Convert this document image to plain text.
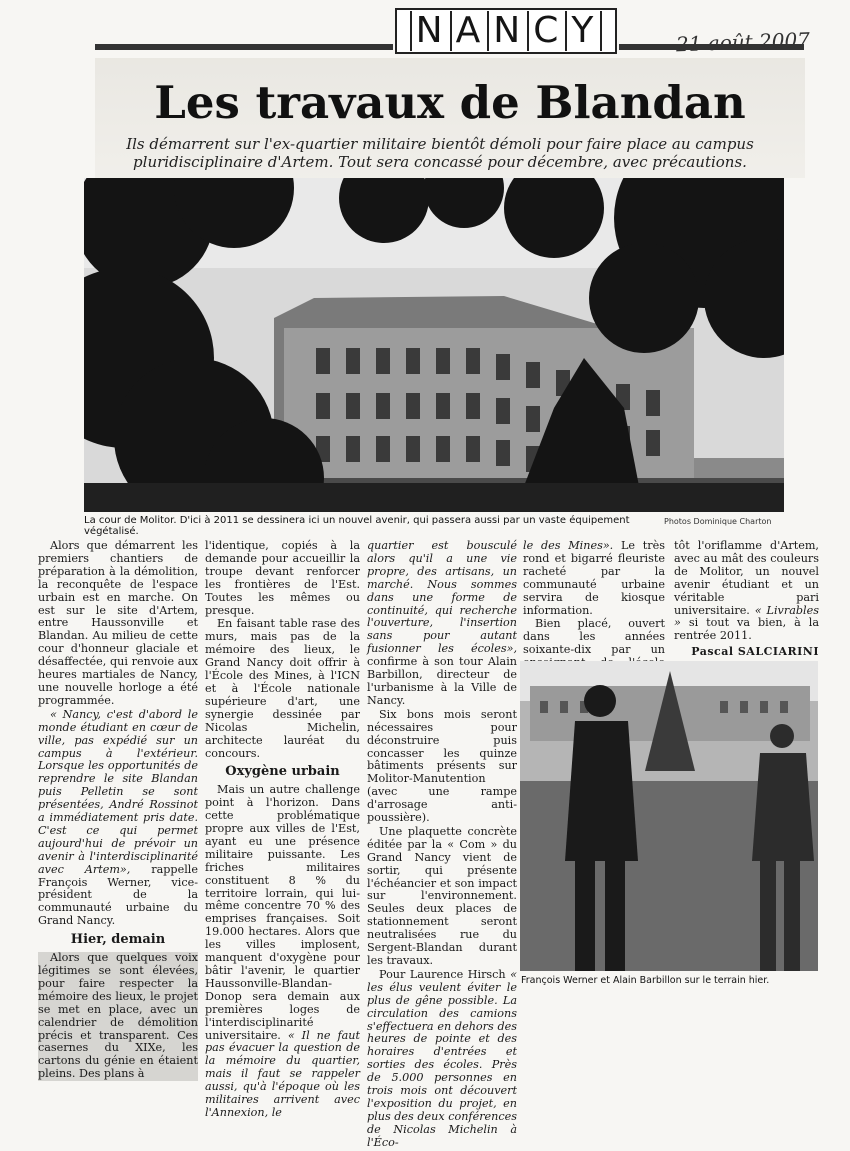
N A N C Y	21 août 2007
Les travaux de Blandan
Ils démarrent sur l'ex-quartier militaire bientôt démoli pour faire place au campus pluridisciplinaire d'Artem. Tout sera concassé pour décembre, avec précautions.
La cour de Molitor. D'ici à 2011 se dessinera ici un nouvel avenir, qui passera aussi par un vaste équipement végétalisé.
Photos Dominique Charton

Alors que démarrent les premiers chantiers de préparation à la démolition, la reconquête de l'espace urbain est en marche. On est sur le site d'Artem, entre Haussonville et Blandan. Au milieu de cette cour d'honneur glaciale et désaffectée, qui renvoie aux heures martiales de Nancy, une nouvelle horloge a été programmée.

« Nancy, c'est d'abord le monde étudiant en cœur de ville, pas expédié sur un campus à l'extérieur. Lorsque les opportunités de reprendre le site Blandan puis Pelletin se sont présentées, André Rossinot a immédiatement pris date. C'est ce qui permet aujourd'hui de prévoir un avenir à l'interdisciplinarité avec Artem», rappelle François Werner, vice-président de la communauté urbaine du Grand Nancy.

Hier, demain

Alors que quelques voix légitimes se sont élevées, pour faire respecter la mémoire des lieux, le projet se met en place, avec un calendrier de démolition précis et transparent. Ces casernes du XIXe, les cartons du génie en étaient pleins. Des plans à

l'identique, copiés à la demande pour accueillir la troupe devant renforcer les frontières de l'Est. Toutes les mêmes ou presque.

En faisant table rase des murs, mais pas de la mémoire des lieux, le Grand Nancy doit offrir à l'École des Mines, à l'ICN et à l'École nationale supérieure d'art, une synergie dessinée par Nicolas Michelin, architecte lauréat du concours.

Oxygène urbain

Mais un autre challenge point à l'horizon. Dans cette problématique propre aux villes de l'Est, ayant eu une présence militaire puissante. Les friches militaires constituent 8 % du territoire lorrain, qui lui-même concentre 70 % des emprises françaises. Soit 19.000 hectares. Alors que les villes implosent, manquent d'oxygène pour bâtir l'avenir, le quartier Haussonville-Blandan-Donop sera demain aux premières loges de l'interdisciplinarité universitaire. « Il ne faut pas évacuer la question de la mémoire du quartier, mais il faut se rappeler aussi, qu'à l'époque où les militaires arrivent avec l'Annexion, le

quartier est bousculé alors qu'il a une vie propre, des artisans, un marché. Nous sommes dans une forme de continuité, qui recherche l'ouverture, l'insertion sans pour autant fusionner les écoles», confirme à son tour Alain Barbillon, directeur de l'urbanisme à la Ville de Nancy.

Six bons mois seront nécessaires pour déconstruire puis concasser les quinze bâtiments présents sur Molitor-Manutention (avec une rampe d'arrosage anti-poussière).

Une plaquette concrète éditée par la « Com » du Grand Nancy vient de sortir, qui présente l'échéancier et son impact sur l'environnement. Seules deux places de stationnement seront neutralisées rue du Sergent-Blandan durant les travaux.

Pour Laurence Hirsch « les élus veulent éviter le plus de gêne possible. La circulation des camions s'effectuera en dehors des heures de pointe et des horaires d'entrées et sorties des écoles. Près de 5.000 personnes en trois mois ont découvert l'exposition du projet, en plus des deux conférences de Nicolas Michelin à l'Éco-

le des Mines». Le très rond et bigarré fleuriste racheté par la communauté urbaine servira de kiosque information.

Bien placé, ouvert dans les années soixante-dix par un

tôt l'oriflamme d'Artem, avec au mât des couleurs de Molitor, un nouvel avenir étudiant et un véritable pari universitaire. « Livrables » si tout va bien, à la rentrée 2011.

Pascal SALCIARINI
François Werner et Alain Barbillon sur le terrain hier.
